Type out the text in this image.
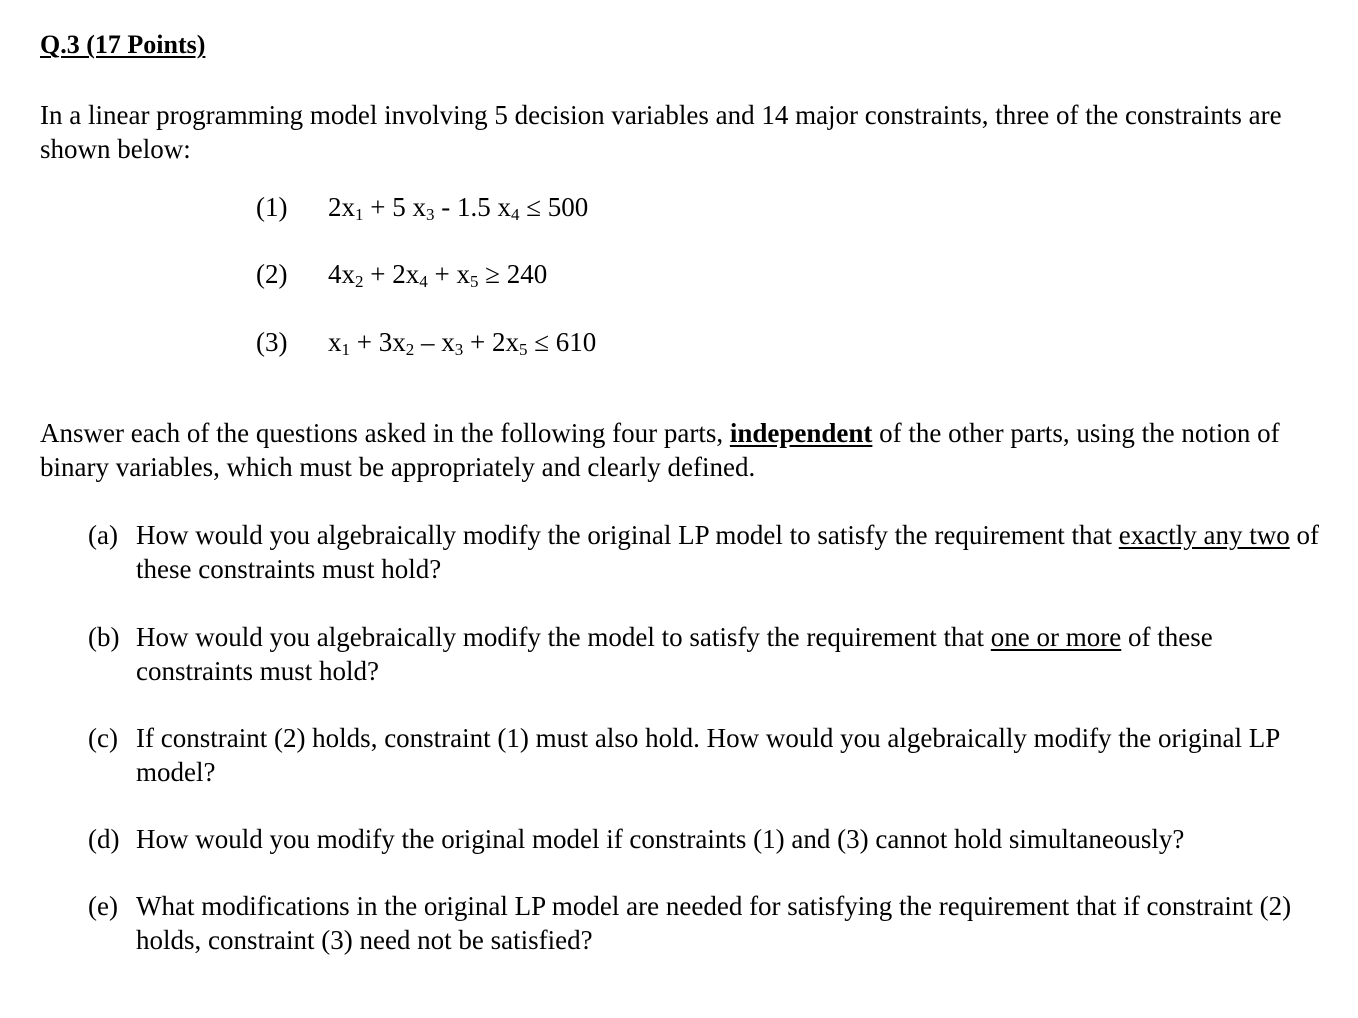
Q.3 (17 Points)
In a linear programming model involving 5 decision variables and 14 major constraints, three of the constraints are shown below:
(1) $2x_1 + 5$ $x_3 - 1.5$ $x_4 \le 500$
(2) $4x_2 + 2x_4 + x_5 \ge 240$
(3) $x_1 + 3x_2 - x_3 + 2x_5 \le 610$
Answer each of the questions asked in the following four parts, independent of the other parts, using the notion of binary variables, which must be appropriately and clearly defined.
(a) How would you algebraically modify the original LP model to satisfy the requirement that exactly any two of these constraints must hold?
(b) How would you algebraically modify the model to satisfy the requirement that one or more of these constraints must hold?
(c) If constraint (2) holds, constraint (1) must also hold. How would you algebraically modify the original LP model?
(d) How would you modify the original model if constraints (1) and (3) cannot hold simultaneously?
(e) What modifications in the original LP model are needed for satisfying the requirement that if constraint (2) holds, constraint (3) need not be satisfied?
